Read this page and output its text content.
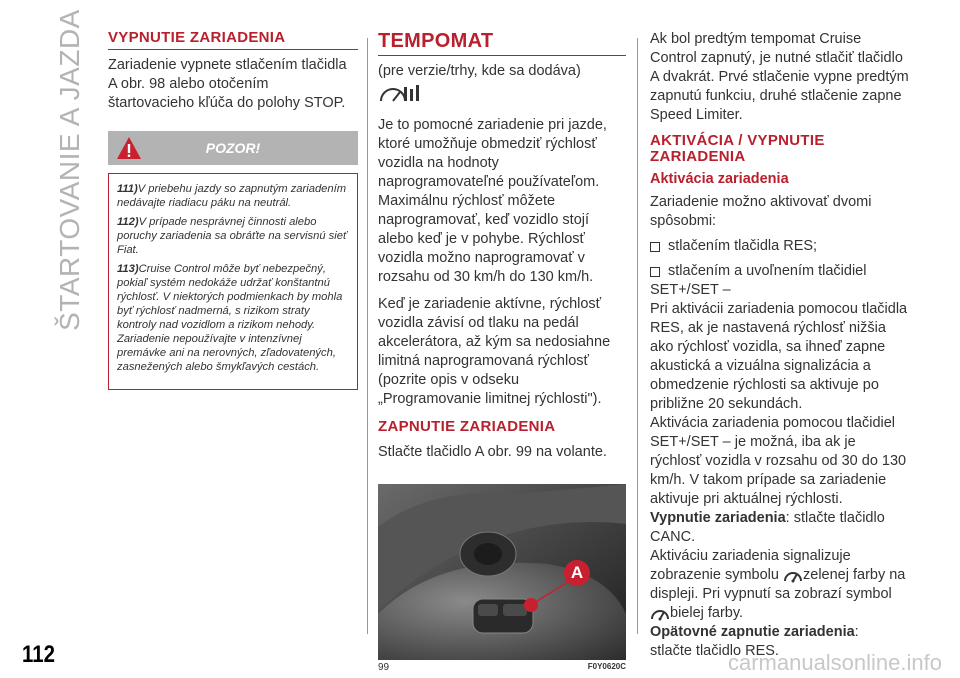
ŠTARTOVANIE A JAZDA VYPNUTIE ZARIADENIA

Zariadenie vypnete stlačením tlačidla A obr. 98 alebo otočením štartovacieho kľúča do polohy STOP.

POZOR!

111)V priebehu jazdy so zapnutým zariadením nedávajte riadiacu páku na neutrál.

112)V prípade nesprávnej činnosti alebo poruchy zariadenia sa obráťte na servisnú sieť Fiat.

113)Cruise Control môže byť nebezpečný, pokiaľ systém nedokáže udržať konštantnú rýchlosť. V niektorých podmienkach by mohla byť rýchlosť nadmerná, s rizikom straty kontroly nad vozidlom a rizikom nehody. Zariadenie nepoužívajte v intenzívnej premávke ani na nerovných, zľadovatených, zasnežených alebo šmykľavých cestách.

TEMPOMAT

(pre verzie/trhy, kde sa dodáva)

Je to pomocné zariadenie pri jazde, ktoré umožňuje obmedziť rýchlosť vozidla na hodnoty naprogramovateľné používateľom. Maximálnu rýchlosť môžete naprogramovať, keď vozidlo stojí alebo keď je v pohybe. Rýchlosť vozidla možno naprogramovať v rozsahu od 30 km/h do 130 km/h.

Keď je zariadenie aktívne, rýchlosť vozidla závisí od tlaku na pedál akcelerátora, až kým sa nedosiahne limitná naprogramovaná rýchlosť (pozrite opis v odseku „Programovanie limitnej rýchlosti").

ZAPNUTIE ZARIADENIA

Stlačte tlačidlo A obr. 99 na volante.

A
99	F0Y0620C

Ak bol predtým tempomat Cruise Control zapnutý, je nutné stlačiť tlačidlo A dvakrát. Prvé stlačenie vypne predtým zapnutú funkciu, druhé stlačenie zapne Speed Limiter.

AKTIVÁCIA / VYPNUTIE ZARIADENIA
Aktivácia zariadenia

Zariadenie možno aktivovať dvomi spôsobmi:

stlačením tlačidla RES;
stlačením a uvoľnením tlačidiel

SET+/SET –

Pri aktivácii zariadenia pomocou tlačidla RES, ak je nastavená rýchlosť nižšia ako rýchlosť vozidla, sa ihneď zapne akustická a vizuálna signalizácia a obmedzenie rýchlosti sa aktivuje po približne 20 sekundách.

Aktivácia zariadenia pomocou tlačidiel SET+/SET – je možná, iba ak je rýchlosť vozidla v rozsahu od 30 do 130 km/h. V takom prípade sa zariadenie aktivuje pri aktuálnej rýchlosti.

Vypnutie zariadenia: stlačte tlačidlo CANC.

Aktiváciu zariadenia signalizuje zobrazenie symbolu zelenej farby na displeji. Pri vypnutí sa zobrazí symbol bielej farby.

Opätovné zapnutie zariadenia:

stlačte tlačidlo RES.

112	carmanualsonline.info
